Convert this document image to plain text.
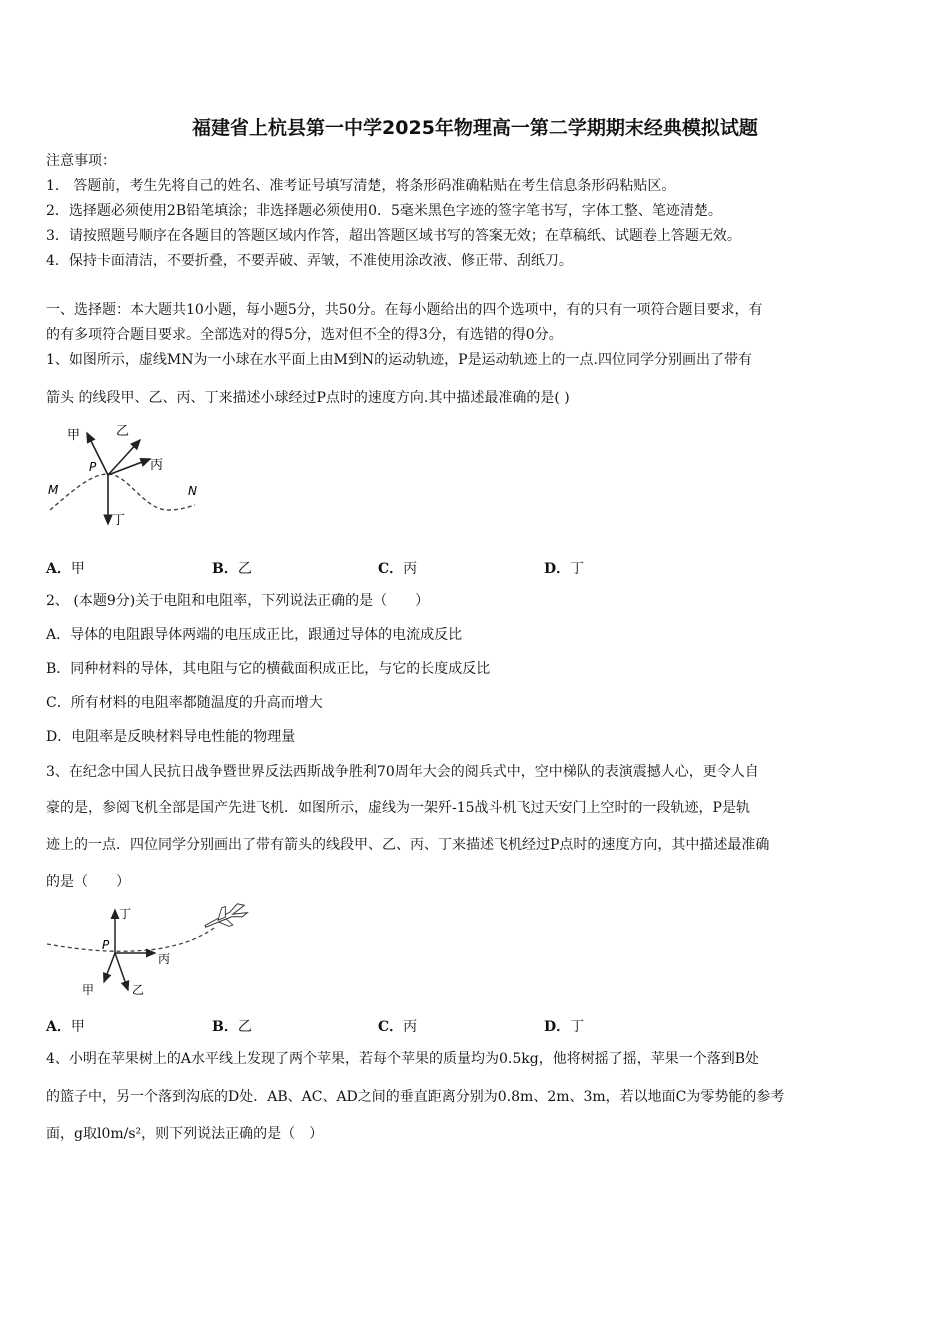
福建省上杭县第一中学2025年物理高一第二学期期末经典模拟试题
注意事项：
1． 答题前，考生先将自己的姓名、准考证号填写清楚，将条形码准确粘贴在考生信息条形码粘贴区。
2．选择题必须使用2B铅笔填涂；非选择题必须使用0．5毫米黑色字迹的签字笔书写，字体工整、笔迹清楚。
3．请按照题号顺序在各题目的答题区域内作答，超出答题区域书写的答案无效；在草稿纸、试题卷上答题无效。
4．保持卡面清洁，不要折叠，不要弄破、弄皱，不准使用涂改液、修正带、刮纸刀。
一、选择题：本大题共10小题，每小题5分，共50分。在每小题给出的四个选项中，有的只有一项符合题目要求，有
的有多项符合题目要求。全部选对的得5分，选对但不全的得3分，有选错的得0分。
1、如图所示，虚线MN为一小球在水平面上由M到N的运动轨迹，P是运动轨迹上的一点.四位同学分别画出了带有
箭头 的线段甲、乙、丙、丁来描述小球经过P点时的速度方向.其中描述最准确的是( )
甲	乙
丙
丁
P
M	N
A．甲	B．乙	C．丙	D．丁
2、 (本题9分)关于电阻和电阻率，下列说法正确的是（　　）
A．导体的电阻跟导体两端的电压成正比，跟通过导体的电流成反比
B．同种材料的导体，其电阻与它的横截面积成正比，与它的长度成反比
C．所有材料的电阻率都随温度的升高而增大
D．电阻率是反映材料导电性能的物理量
3、在纪念中国人民抗日战争暨世界反法西斯战争胜利70周年大会的阅兵式中，空中梯队的表演震撼人心，更令人自
豪的是，参阅飞机全部是国产先进飞机．如图所示，虚线为一架歼-15战斗机飞过天安门上空时的一段轨迹，P是轨
迹上的一点．四位同学分别画出了带有箭头的线段甲、乙、丙、丁来描述飞机经过P点时的速度方向，其中描述最准确
的是（　　）
丁
丙
甲	乙
P
A．甲	B．乙	C．丙	D．丁
4、小明在苹果树上的A水平线上发现了两个苹果，若每个苹果的质量均为0.5kg，他将树摇了摇，苹果一个落到B处
的篮子中，另一个落到沟底的D处．AB、AC、AD之间的垂直距离分别为0.8m、2m、3m，若以地面C为零势能的参考
面，g取l0m/s²，则下列说法正确的是（　）
